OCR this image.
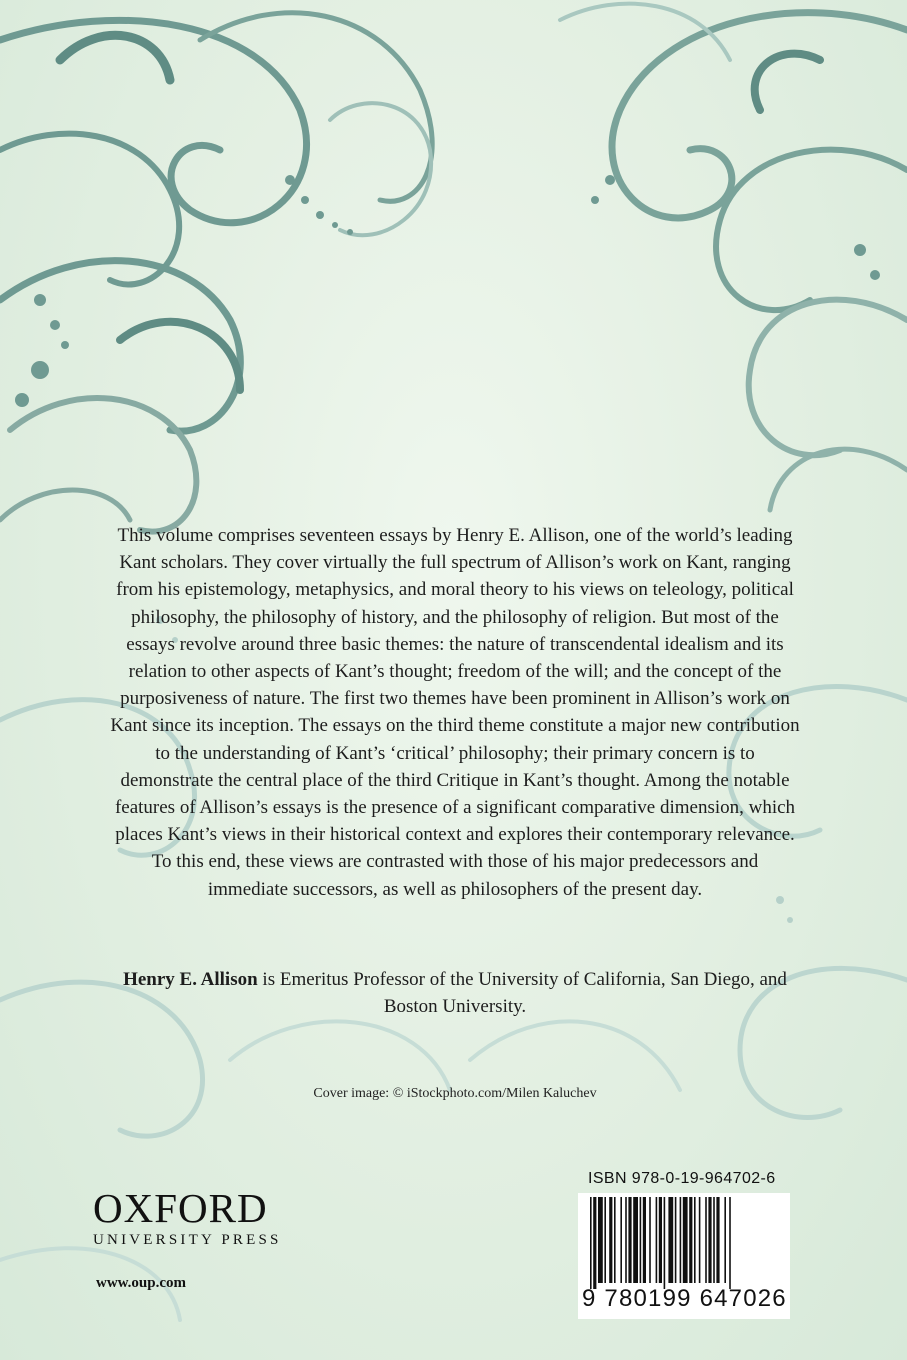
This volume comprises seventeen essays by Henry E. Allison, one of the world’s leading Kant scholars. They cover virtually the full spectrum of Allison’s work on Kant, ranging from his epistemology, metaphysics, and moral theory to his views on teleology, political philosophy, the philosophy of history, and the philosophy of religion. But most of the essays revolve around three basic themes: the nature of transcendental idealism and its relation to other aspects of Kant’s thought; freedom of the will; and the concept of the purposiveness of nature. The first two themes have been prominent in Allison’s work on Kant since its inception. The essays on the third theme constitute a major new contribution to the understanding of Kant’s ‘critical’ philosophy; their primary concern is to demonstrate the central place of the third Critique in Kant’s thought. Among the notable features of Allison’s essays is the presence of a significant comparative dimension, which places Kant’s views in their historical context and explores their contemporary relevance. To this end, these views are contrasted with those of his major predecessors and immediate successors, as well as philosophers of the present day.

Henry E. Allison is Emeritus Professor of the University of California, San Diego, and Boston University.

Cover image: © iStockphoto.com/Milen Kaluchev

OXFORD
UNIVERSITY PRESS
www.oup.com
ISBN 978-0-19-964702-6
9 780199 647026
